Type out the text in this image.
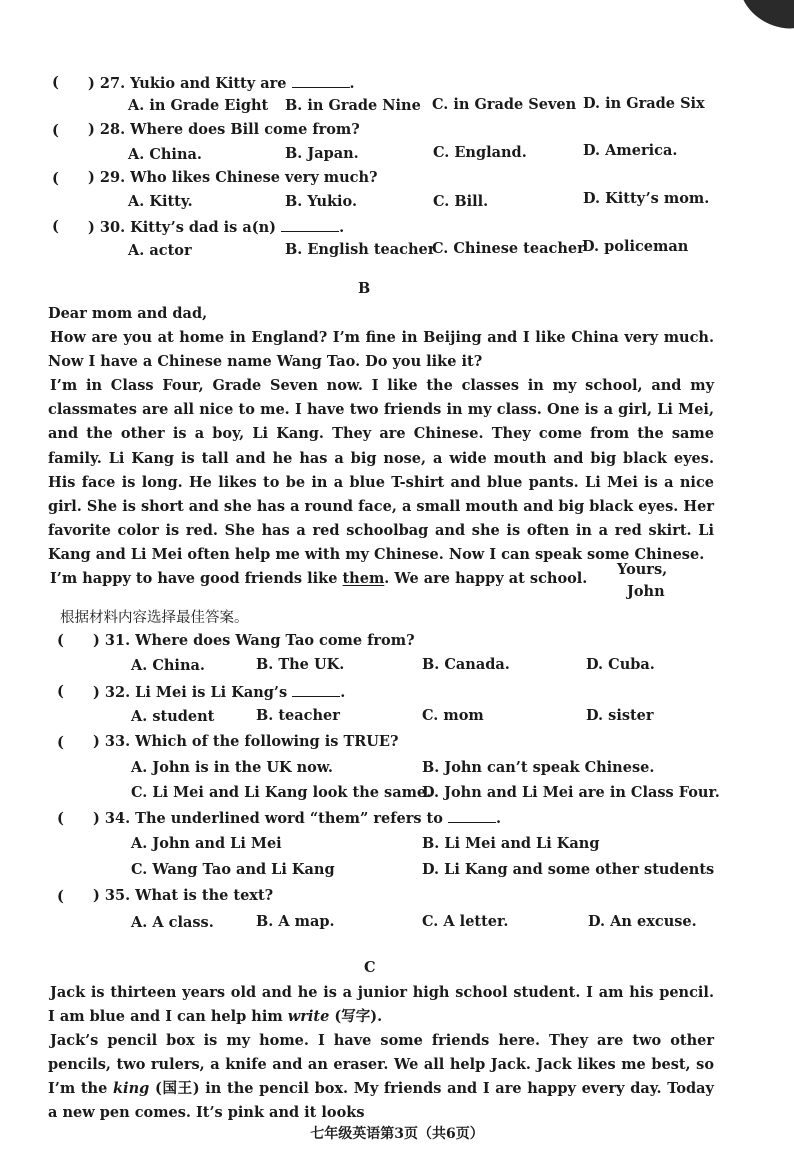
( ) 27. Yukio and Kitty are	.
A. in Grade Eight B. in Grade Nine C. in Grade Seven D. in Grade Six
( ) 28. Where does Bill come from?
A. China.	B. Japan.	C. England.	D. America.
( ) 29. Who likes Chinese very much?
A. Kitty.	B. Yukio.	C. Bill.	D. Kitty’s mom.
( ) 30. Kitty’s dad is a(n)	.
A. actor	B. English teacher
C. Chinese teacher
D. policeman
B

Dear mom and dad,

How are you at home in England? I’m fine in Beijing and I like China very much. Now I have a Chinese name Wang Tao. Do you like it?

I’m in Class Four, Grade Seven now. I like the classes in my school, and my classmates are all nice to me. I have two friends in my class. One is a girl, Li Mei, and the other is a boy, Li Kang. They are Chinese. They come from the same family. Li Kang is tall and he has a big nose, a wide mouth and big black eyes. His face is long. He likes to be in a blue T-shirt and blue pants. Li Mei is a nice girl. She is short and she has a round face, a small mouth and big black eyes. Her favorite color is red. She has a red schoolbag and she is often in a red skirt. Li Kang and Li Mei often help me with my Chinese. Now I can speak some Chinese.

I’m happy to have good friends like them. We are happy at school.

Yours,
John
根据材料内容选择最佳答案。
( ) 31. Where does Wang Tao come from?
A. China.	B. The UK.	B. Canada.	D. Cuba.
( ) 32. Li Mei is Li Kang’s	.
A. student	B. teacher	C. mom	D. sister
( ) 33. Which of the following is TRUE?
A. John is in the UK now.	B. John can’t speak Chinese.
C. Li Mei and Li Kang look the same.
D. John and Li Mei are in Class Four.
( ) 34. The underlined word “them” refers to	.
A. John and Li Mei	B. Li Mei and Li Kang
C. Wang Tao and Li Kang	D. Li Kang and some other students
( ) 35. What is the text?
A. A class.	B. A map.	C. A letter.	D. An excuse.
C

Jack is thirteen years old and he is a junior high school student. I am his pencil. I am blue and I can help him write (写字).

Jack’s pencil box is my home. I have some friends here. They are two other pencils, two rulers, a knife and an eraser. We all help Jack. Jack likes me best, so I’m the king (国王) in the pencil box. My friends and I are happy every day. Today a new pen comes. It’s pink and it looks

七年级英语第3页（共6页）
